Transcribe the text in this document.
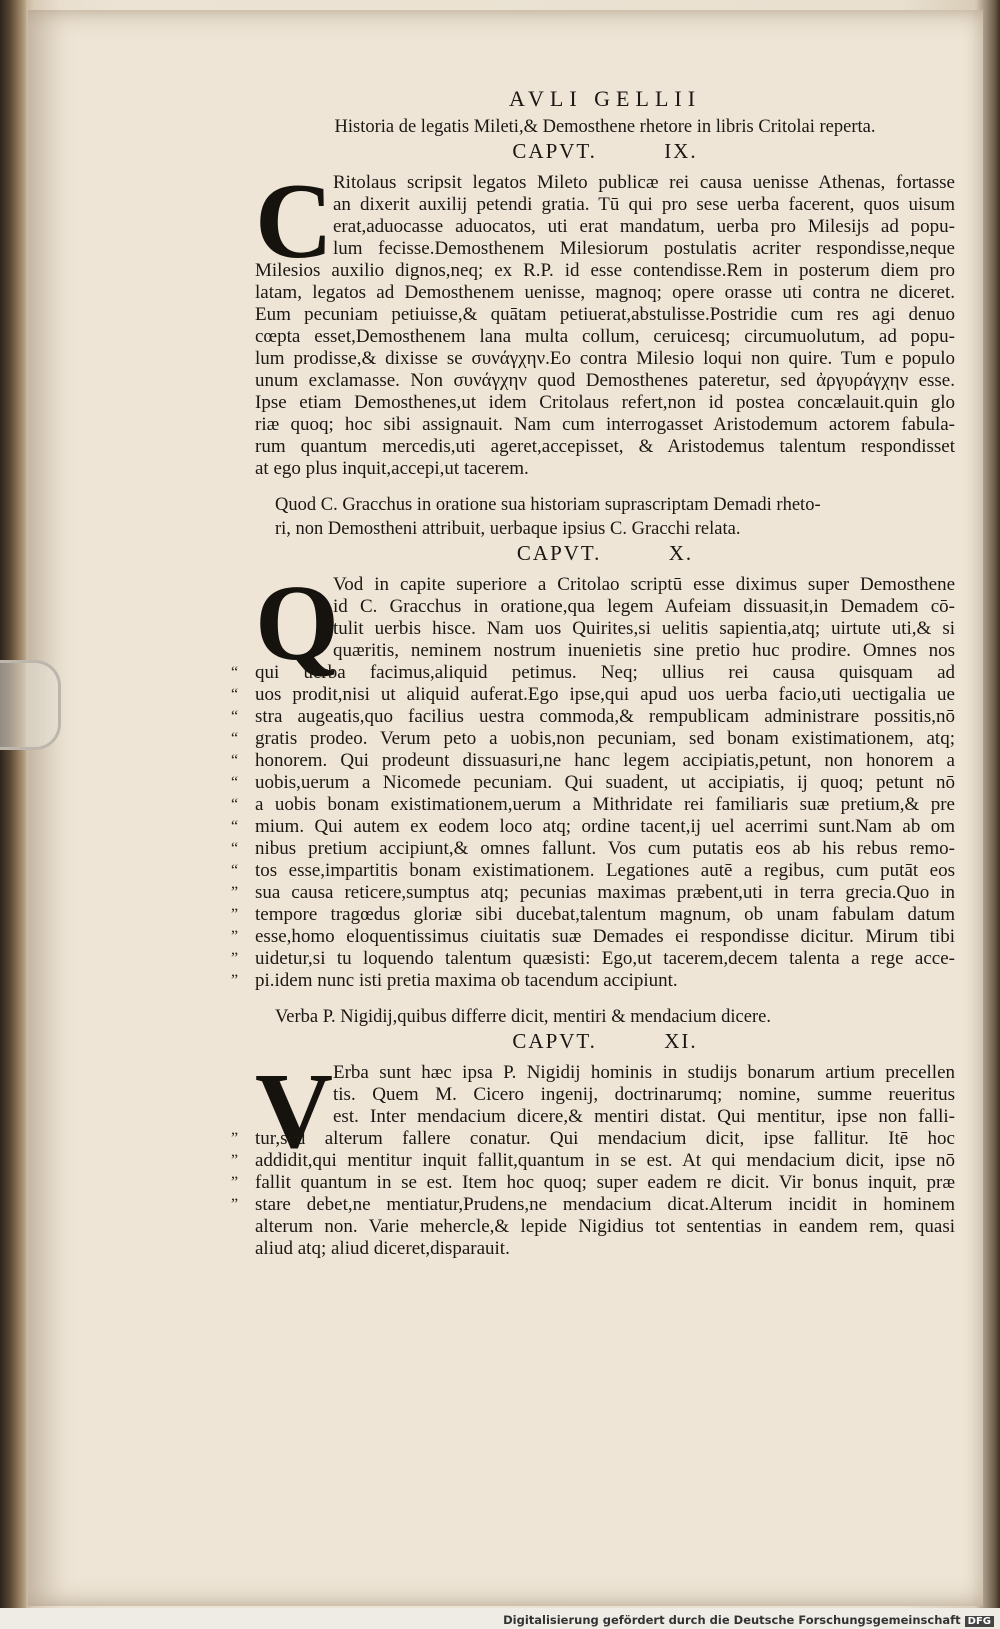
AVLI GELLII
Historia de legatis Mileti,& Demosthene rhetore in libris Critolai reperta.
CAPVT.	IX.
C Ritolaus scripsit legatos Mileto publicæ rei causa uenisse Athenas, fortasse
an dixerit auxilij petendi gratia. Tū qui pro sese uerba facerent, quos uisum
erat,aduocasse aduocatos, uti erat mandatum, uerba pro Milesijs ad popu-
lum fecisse.Demosthenem Milesiorum postulatis acriter respondisse,neque
Milesios auxilio dignos,neq; ex R.P. id esse contendisse.Rem in posterum diem pro
latam, legatos ad Demosthenem uenisse, magnoq; opere orasse uti contra ne diceret.
Eum pecuniam petiuisse,& quātam petiuerat,abstulisse.Postridie cum res agi denuo
cœpta esset,Demosthenem lana multa collum, ceruicesq; circumuolutum, ad popu-
lum prodisse,& dixisse se συνάγχην.Eo contra Milesio loqui non quire. Tum e populo
unum exclamasse. Non συνάγχην quod Demosthenes pateretur, sed ἀργυράγχην esse.
Ipse etiam Demosthenes,ut idem Critolaus refert,non id postea concælauit.quin glo
riæ quoq; hoc sibi assignauit. Nam cum interrogasset Aristodemum actorem fabula-
rum quantum mercedis,uti ageret,accepisset, & Aristodemus talentum respondisset
at ego plus inquit,accepi,ut tacerem.
Quod C. Gracchus in oratione sua historiam suprascriptam Demadi rheto-
ri, non Demostheni attribuit, uerbaque ipsius C. Gracchi relata.
CAPVT.	X.
Q
Vod in capite superiore a Critolao scriptū esse diximus super Demosthene
id C. Gracchus in oratione,qua legem Aufeiam dissuasit,in Demadem cō-
tulit uerbis hisce. Nam uos Quirites,si uelitis sapientia,atq; uirtute uti,& si
quæritis, neminem nostrum inuenietis sine pretio huc prodire. Omnes nos
qui uerba facimus,aliquid petimus. Neq; ullius rei causa quisquam ad
“
uos prodit,nisi ut aliquid auferat.Ego ipse,qui apud uos uerba facio,uti uectigalia ue
“
stra augeatis,quo facilius uestra commoda,& rempublicam administrare possitis,nō
“
gratis prodeo. Verum peto a uobis,non pecuniam, sed bonam existimationem, atq;
“
honorem. Qui prodeunt dissuasuri,ne hanc legem accipiatis,petunt, non honorem a
“
uobis,uerum a Nicomede pecuniam. Qui suadent, ut accipiatis, ij quoq; petunt nō
“
a uobis bonam existimationem,uerum a Mithridate rei familiaris suæ pretium,& pre
“
mium. Qui autem ex eodem loco atq; ordine tacent,ij uel acerrimi sunt.Nam ab om
“
nibus pretium accipiunt,& omnes fallunt. Vos cum putatis eos ab his rebus remo-
“
tos esse,impartitis bonam existimationem. Legationes autē a regibus, cum putāt eos
“
sua causa reticere,sumptus atq; pecunias maximas præbent,uti in terra grecia.Quo in
”
tempore tragœdus gloriæ sibi ducebat,talentum magnum, ob unam fabulam datum
”
esse,homo eloquentissimus ciuitatis suæ Demades ei respondisse dicitur. Mirum tibi
”
uidetur,si tu loquendo talentum quæsisti: Ego,ut tacerem,decem talenta a rege acce-
”
pi.idem nunc isti pretia maxima ob tacendum accipiunt.
”
Verba P. Nigidij,quibus differre dicit, mentiri & mendacium dicere.
CAPVT.	XI.
V Erba sunt hæc ipsa P. Nigidij hominis in studijs bonarum artium precellen
tis. Quem M. Cicero ingenij, doctrinarumq; nomine, summe reueritus
est. Inter mendacium dicere,& mentiri distat. Qui mentitur, ipse non falli-
tur,sed alterum fallere conatur. Qui mendacium dicit, ipse fallitur. Itē hoc
”
addidit,qui mentitur inquit fallit,quantum in se est. At qui mendacium dicit, ipse nō
”
fallit quantum in se est. Item hoc quoq; super eadem re dicit. Vir bonus inquit, præ
”
stare debet,ne mentiatur,Prudens,ne mendacium dicat.Alterum incidit in hominem
”
alterum non. Varie mehercle,& lepide Nigidius tot sententias in eandem rem, quasi
aliud atq; aliud diceret,disparauit.
Digitalisierung gefördert durch die Deutsche Forschungsgemeinschaft DFG
